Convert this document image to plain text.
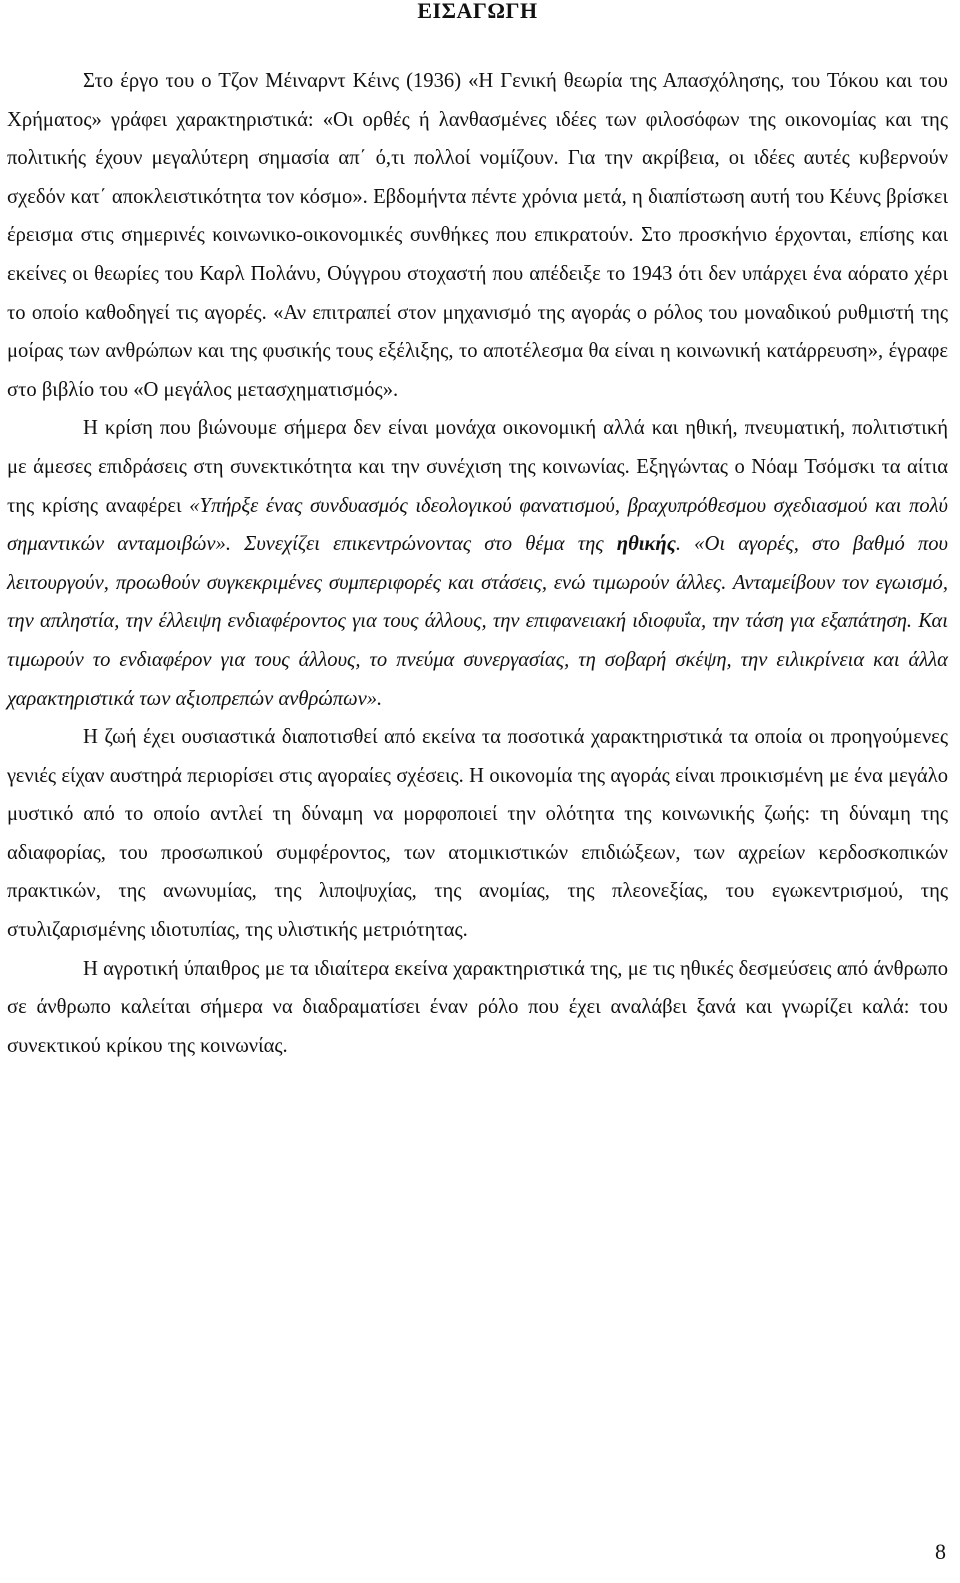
ΕΙΣΑΓΩΓΗ

Στο έργο του ο Τζον Μέιναρντ Κέινς (1936) «Η Γενική θεωρία της Απασχόλησης, του Τόκου και του Χρήματος» γράφει χαρακτηριστικά: «Οι ορθές ή λανθασμένες ιδέες των φιλοσόφων της οικονομίας και της πολιτικής έχουν μεγαλύτερη σημασία απ΄ ό,τι πολλοί νομίζουν. Για την ακρίβεια, οι ιδέες αυτές κυβερνούν σχεδόν κατ΄ αποκλειστικότητα τον κόσμο». Εβδομήντα πέντε χρόνια μετά, η διαπίστωση αυτή του Κέυνς βρίσκει έρεισμα στις σημερινές κοινωνικο-οικονομικές συνθήκες που επικρατούν. Στο προσκήνιο έρχονται, επίσης και εκείνες οι θεωρίες του Καρλ Πολάνυ, Ούγγρου στοχαστή που απέδειξε το 1943 ότι δεν υπάρχει ένα αόρατο χέρι το οποίο καθοδηγεί τις αγορές. «Αν επιτραπεί στον μηχανισμό της αγοράς ο ρόλος του μοναδικού ρυθμιστή της μοίρας των ανθρώπων και της φυσικής τους εξέλιξης, το αποτέλεσμα θα είναι η κοινωνική κατάρρευση», έγραφε στο βιβλίο του «Ο μεγάλος μετασχηματισμός».

Η κρίση που βιώνουμε σήμερα δεν είναι μονάχα οικονομική αλλά και ηθική, πνευματική, πολιτιστική με άμεσες επιδράσεις στη συνεκτικότητα και την συνέχιση της κοινωνίας. Εξηγώντας ο Νόαμ Τσόμσκι τα αίτια της κρίσης αναφέρει «Υπήρξε ένας συνδυασμός ιδεολογικού φανατισμού, βραχυπρόθεσμου σχεδιασμού και πολύ σημαντικών ανταμοιβών». Συνεχίζει επικεντρώνοντας στο θέμα της ηθικής. «Οι αγορές, στο βαθμό που λειτουργούν, προωθούν συγκεκριμένες συμπεριφορές και στάσεις, ενώ τιμωρούν άλλες. Ανταμείβουν τον εγωισμό, την απληστία, την έλλειψη ενδιαφέροντος για τους άλλους, την επιφανειακή ιδιοφυΐα, την τάση για εξαπάτηση. Και τιμωρούν το ενδιαφέρον για τους άλλους, το πνεύμα συνεργασίας, τη σοβαρή σκέψη, την ειλικρίνεια και άλλα χαρακτηριστικά των αξιοπρεπών ανθρώπων».

Η ζωή έχει ουσιαστικά διαποτισθεί από εκείνα τα ποσοτικά χαρακτηριστικά τα οποία οι προηγούμενες γενιές είχαν αυστηρά περιορίσει στις αγοραίες σχέσεις. Η οικονομία της αγοράς είναι προικισμένη με ένα μεγάλο μυστικό από το οποίο αντλεί τη δύναμη να μορφοποιεί την ολότητα της κοινωνικής ζωής: τη δύναμη της αδιαφορίας, του προσωπικού συμφέροντος, των ατομικιστικών επιδιώξεων, των αχρείων κερδοσκοπικών πρακτικών, της ανωνυμίας, της λιποψυχίας, της ανομίας, της πλεονεξίας, του εγωκεντρισμού, της στυλιζαρισμένης ιδιοτυπίας, της υλιστικής μετριότητας.

Η αγροτική ύπαιθρος με τα ιδιαίτερα εκείνα χαρακτηριστικά της, με τις ηθικές δεσμεύσεις από άνθρωπο σε άνθρωπο καλείται σήμερα να διαδραματίσει έναν ρόλο που έχει αναλάβει ξανά και γνωρίζει καλά: του συνεκτικού κρίκου της κοινωνίας.

8
